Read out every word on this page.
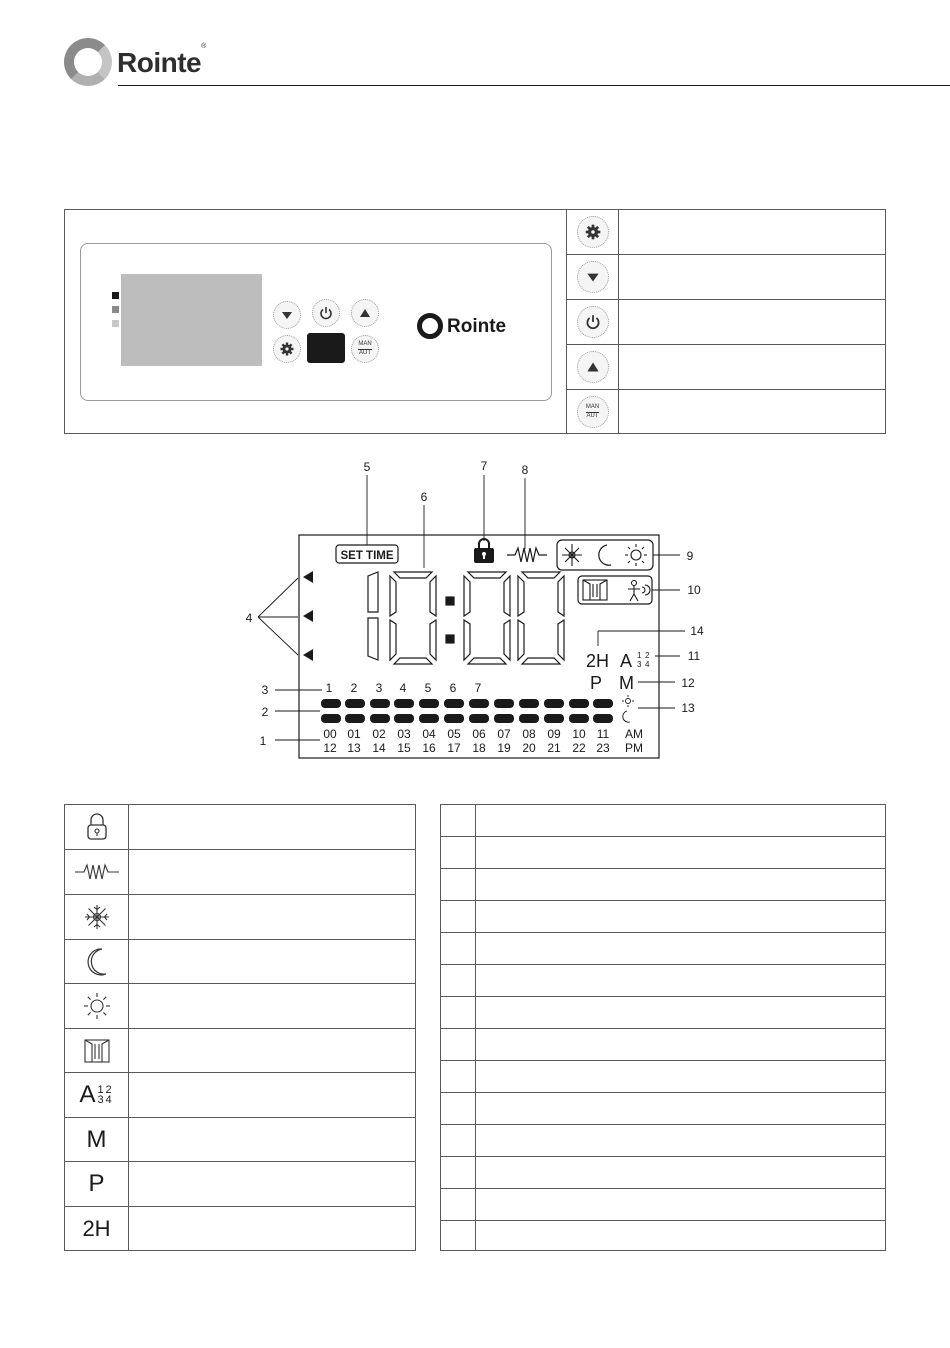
Rointe®
MAN
AUT
Rointe
MAN
AUT
SET TIME
2H A 1 2
3 4
P M
1 2 3 4 5 6 7
00 01 02 03 04 05 06 07 08 09 10 11 AM
12 13 14 15 16 17 18 19 20 21 22 23 PM
1
2
3
4
5
6
7	8
9
10
11
12
13
14
A 1 2
3 4
M
P
2H
